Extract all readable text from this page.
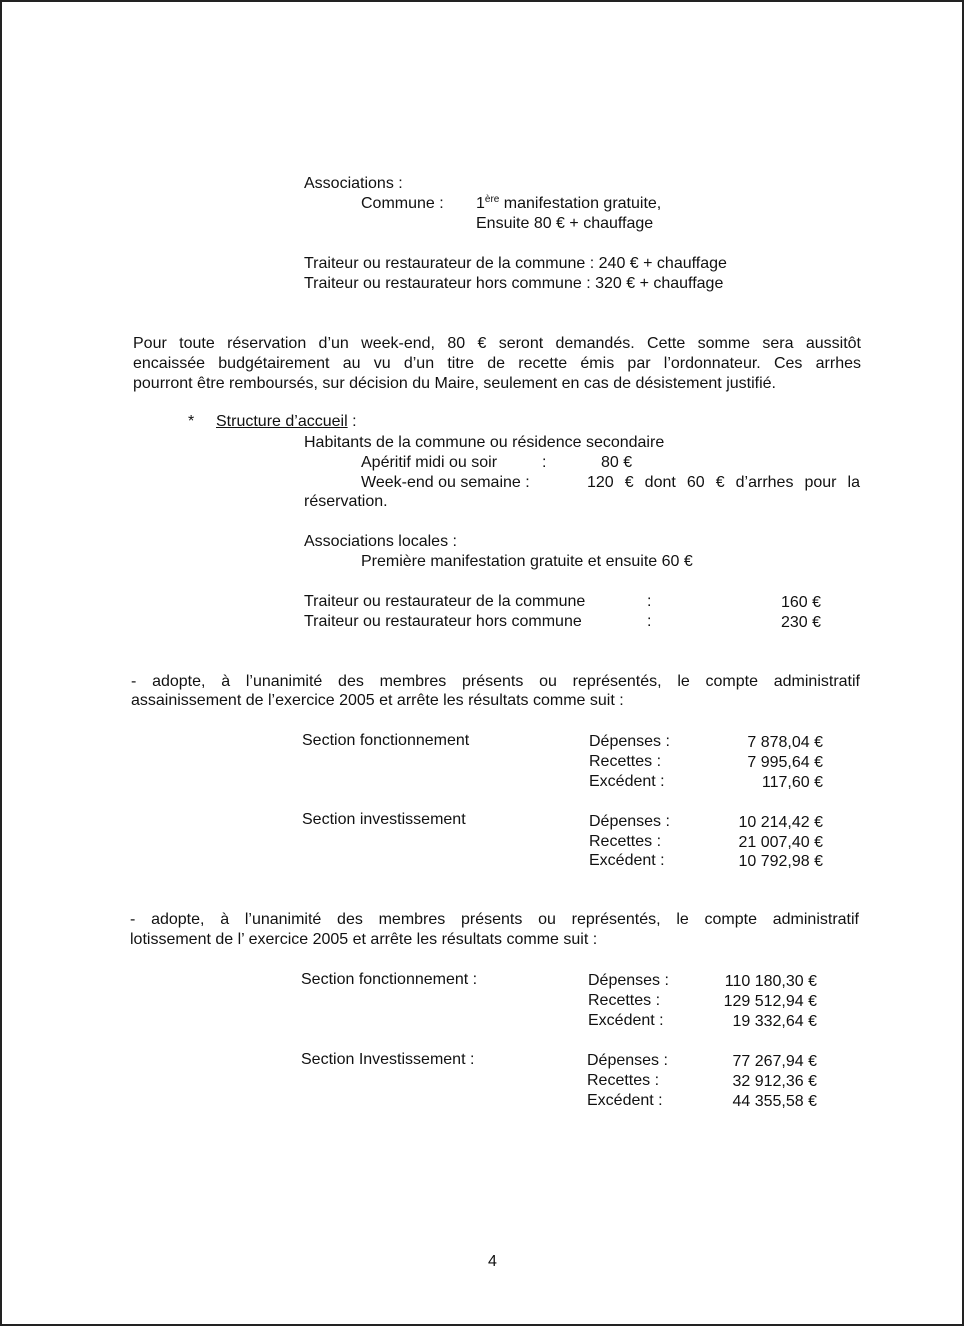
Associations :
Commune : 1ère manifestation gratuite,
Ensuite 80 € + chauffage
Traiteur ou restaurateur de la commune : 240 € + chauffage
Traiteur ou restaurateur hors commune : 320 € + chauffage
Pour toute réservation d’un week-end, 80 € seront demandés. Cette somme sera aussitôt
encaissée budgétairement au vu d’un titre de recette émis par l’ordonnateur. Ces arrhes
pourront être remboursés, sur décision du Maire, seulement en cas de désistement justifié.
* Structure d’accueil :
Habitants de la commune ou résidence secondaire
Apéritif midi ou soir	:	80 €
Week-end ou semaine :	120 € dont 60 € d’arrhes pour la
réservation.
Associations locales :
Première manifestation gratuite et ensuite 60 €
Traiteur ou restaurateur de la commune	:	160 €
Traiteur ou restaurateur hors commune	:	230 €
- adopte, à l’unanimité des membres présents ou représentés, le compte administratif
assainissement de l’exercice 2005 et arrête les résultats comme suit :
Section fonctionnement	Dépenses :	7 878,04 €
Recettes :	7 995,64 €
Excédent :	117,60 €
Section investissement	Dépenses :	10 214,42 €
Recettes :	21 007,40 €
Excédent :	10 792,98 €
- adopte, à l’unanimité des membres présents ou représentés, le compte administratif
lotissement de l’ exercice 2005 et arrête les résultats comme suit :
Section fonctionnement :	Dépenses :	110 180,30 €
Recettes :	129 512,94 €
Excédent :	19 332,64 €
Section Investissement :	Dépenses :	77 267,94 €
Recettes :	32 912,36 €
Excédent :	44 355,58 €
4
